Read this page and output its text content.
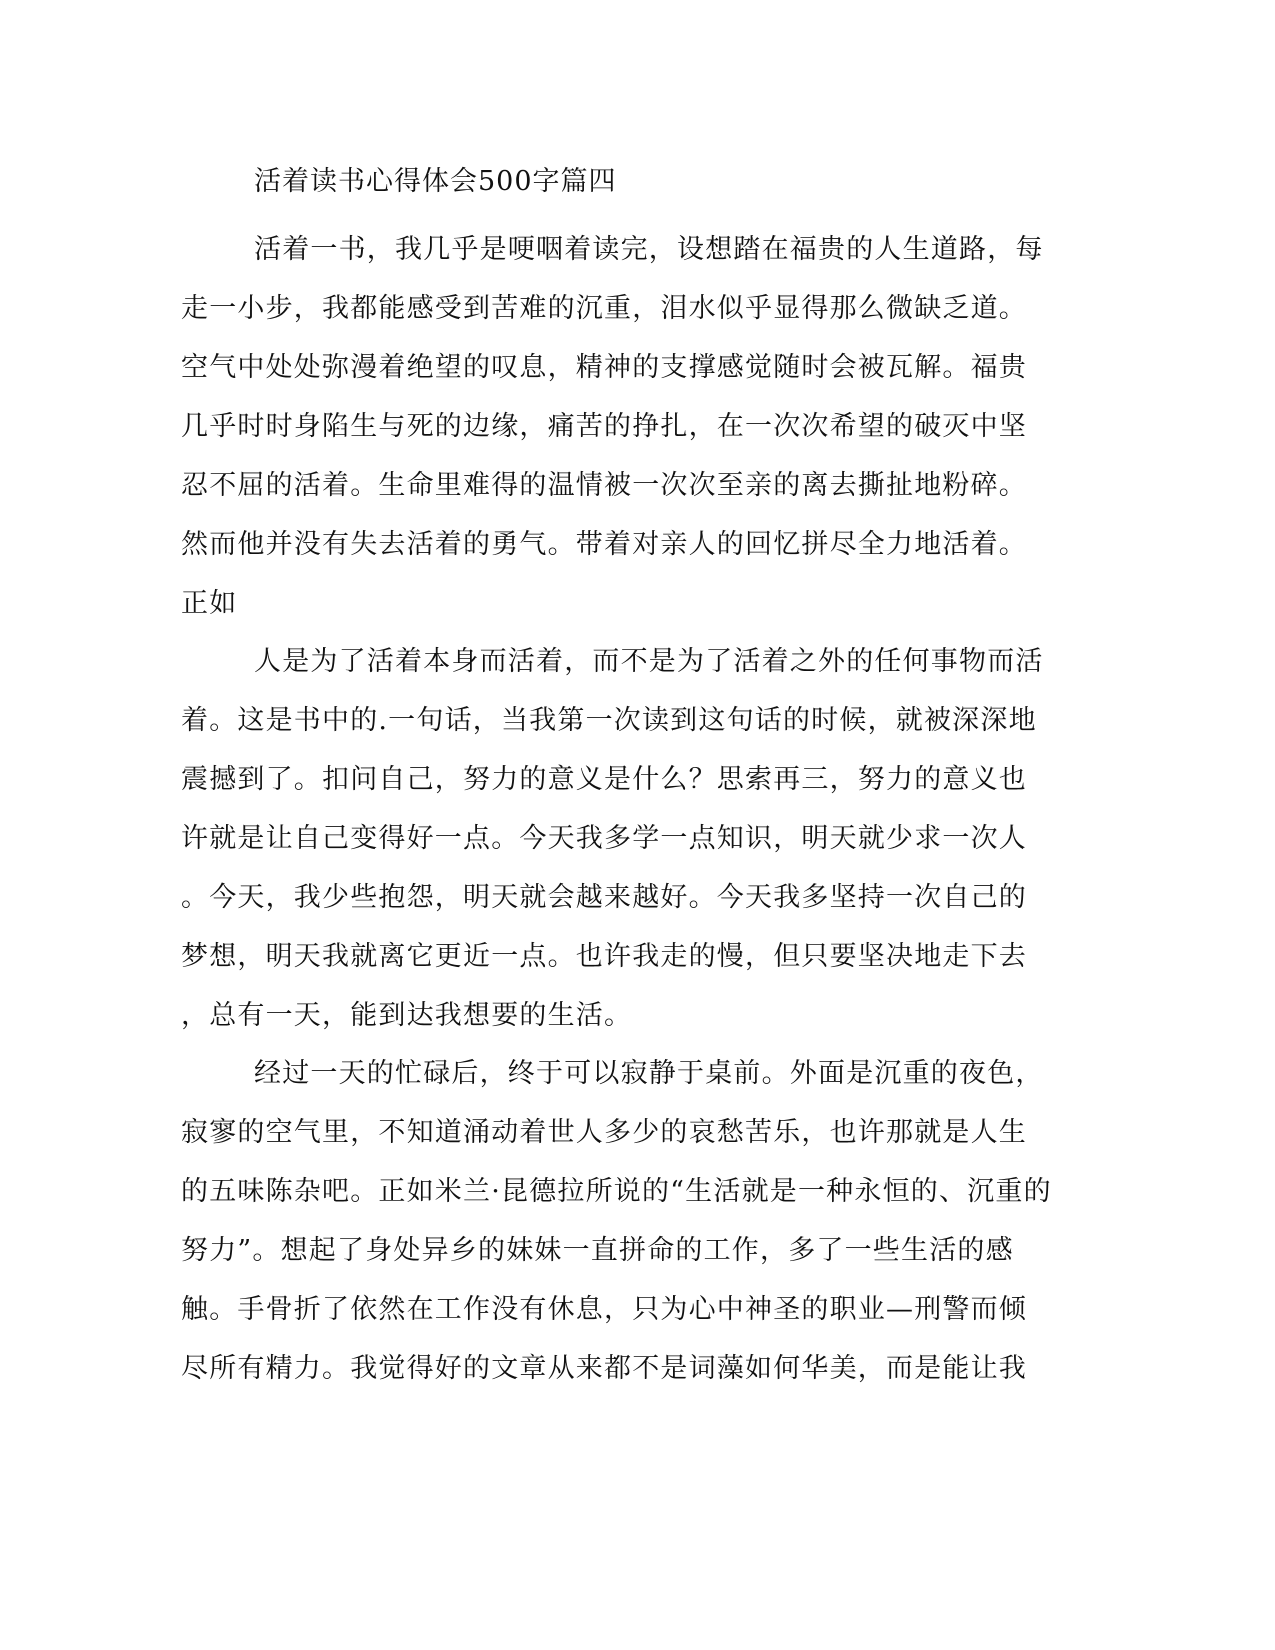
活着读书心得体会500字篇四
活着一书，我几乎是哽咽着读完，设想踏在福贵的人生道路，每
走一小步，我都能感受到苦难的沉重，泪水似乎显得那么微缺乏道。
空气中处处弥漫着绝望的叹息，精神的支撑感觉随时会被瓦解。福贵
几乎时时身陷生与死的边缘，痛苦的挣扎，在一次次希望的破灭中坚
忍不屈的活着。生命里难得的温情被一次次至亲的离去撕扯地粉碎。
然而他并没有失去活着的勇气。带着对亲人的回忆拼尽全力地活着。
正如
人是为了活着本身而活着，而不是为了活着之外的任何事物而活
着。这是书中的.一句话，当我第一次读到这句话的时候，就被深深地
震撼到了。扣问自己，努力的意义是什么？思索再三，努力的意义也
许就是让自己变得好一点。今天我多学一点知识，明天就少求一次人
。今天，我少些抱怨，明天就会越来越好。今天我多坚持一次自己的
梦想，明天我就离它更近一点。也许我走的慢，但只要坚决地走下去
，总有一天，能到达我想要的生活。
经过一天的忙碌后，终于可以寂静于桌前。外面是沉重的夜色，
寂寥的空气里，不知道涌动着世人多少的哀愁苦乐，也许那就是人生
的五味陈杂吧。正如米兰·昆德拉所说的“生活就是一种永恒的、沉重的
努力”。想起了身处异乡的妹妹一直拼命的工作，多了一些生活的感
触。手骨折了依然在工作没有休息，只为心中神圣的职业—刑警而倾
尽所有精力。我觉得好的文章从来都不是词藻如何华美，而是能让我
